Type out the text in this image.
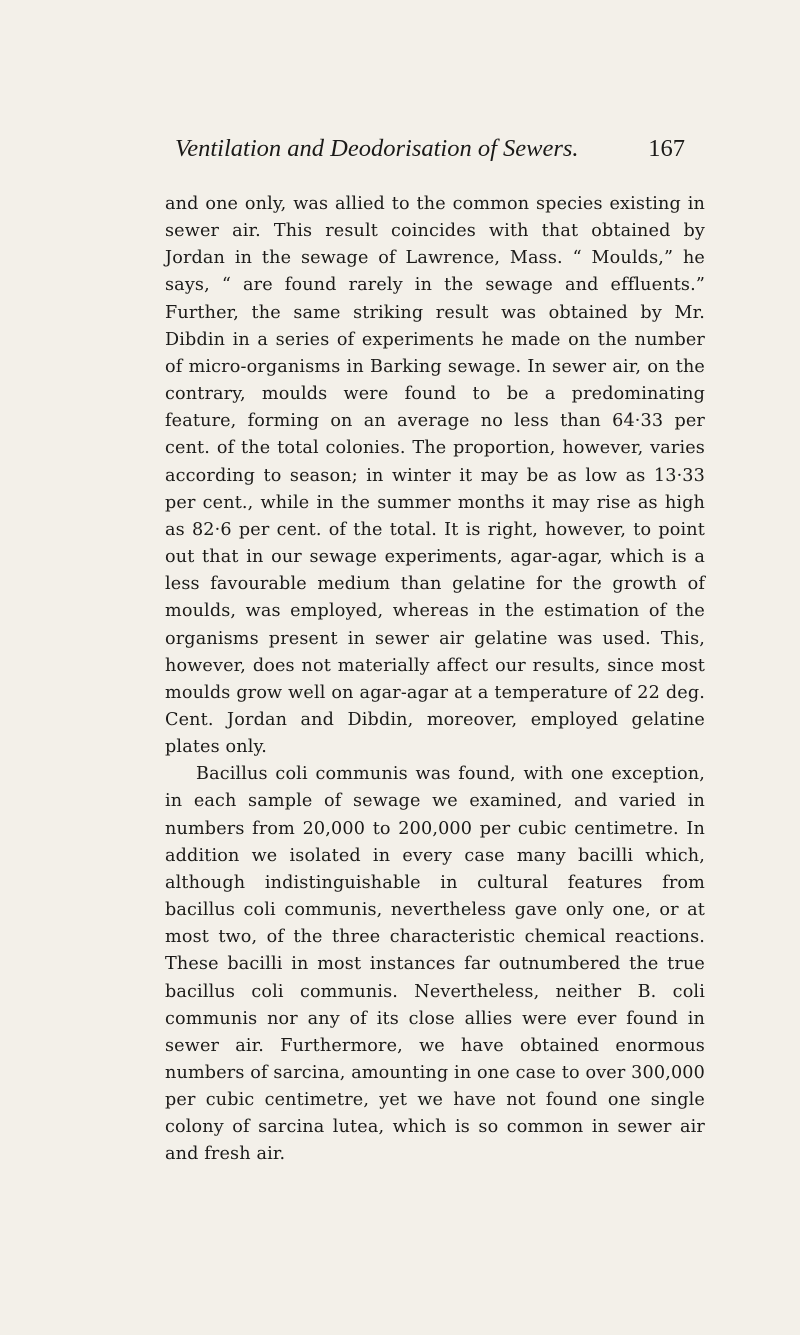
Ventilation and Deodorisation of Sewers.	167

and one only, was allied to the common species existing in sewer air. This result coincides with that obtained by Jordan in the sewage of Lawrence, Mass. “ Moulds,” he says, “ are found rarely in the sewage and effluents.” Further, the same striking result was obtained by Mr. Dibdin in a series of experiments he made on the number of micro-organisms in Barking sewage. In sewer air, on the contrary, moulds were found to be a predominating feature, forming on an average no less than 64·33 per cent. of the total colonies. The proportion, however, varies according to season; in winter it may be as low as 13·33 per cent., while in the summer months it may rise as high as 82·6 per cent. of the total. It is right, however, to point out that in our sewage experiments, agar-agar, which is a less favourable medium than gelatine for the growth of moulds, was employed, whereas in the estimation of the organisms present in sewer air gelatine was used. This, however, does not materially affect our results, since most moulds grow well on agar-agar at a temperature of 22 deg. Cent. Jordan and Dibdin, moreover, employed gelatine plates only.

Bacillus coli communis was found, with one exception, in each sample of sewage we examined, and varied in numbers from 20,000 to 200,000 per cubic centimetre. In addition we isolated in every case many bacilli which, although indistinguishable in cultural features from bacillus coli communis, nevertheless gave only one, or at most two, of the three characteristic chemical reactions. These bacilli in most instances far outnumbered the true bacillus coli communis. Nevertheless, neither B. coli communis nor any of its close allies were ever found in sewer air. Furthermore, we have obtained enormous numbers of sarcina, amounting in one case to over 300,000 per cubic centimetre, yet we have not found one single colony of sarcina lutea, which is so common in sewer air and fresh air.
